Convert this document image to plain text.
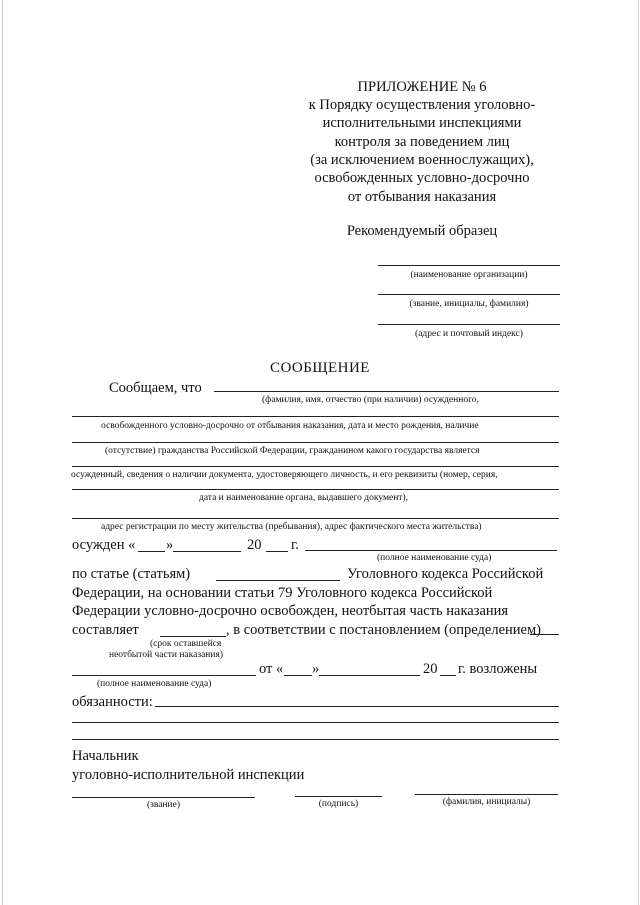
ПРИЛОЖЕНИЕ № 6
к Порядку осуществления уголовно-
исполнительными инспекциями
контроля за поведением лиц
(за исключением военнослужащих),
освобожденных условно-досрочно
от отбывания наказания
Рекомендуемый образец
(наименование организации)
(звание, инициалы, фамилия)
(адрес и почтовый индекс)
СООБЩЕНИЕ
Сообщаем, что
(фамилия, имя, отчество (при наличии) осужденного,
освобожденного условно-досрочно от отбывания наказания, дата и место рождения, наличие
(отсутствие) гражданства Российской Федерации, гражданином какого государства является
осужденный, сведения о наличии документа, удостоверяющего личность, и его реквизиты (номер, серия,
дата и наименование органа, выдавшего документ),
адрес регистрации по месту жительства (пребывания), адрес фактического места жительства)
осужден « »	20 г.
(полное наименование суда)
по статье (статьям)	Уголовного кодекса Российской
Федерации, на основании статьи 79 Уголовного кодекса Российской
Федерации условно-досрочно освобожден, неотбытая часть наказания
составляет	, в соответствии с постановлением (определением)
(срок оставшейся
неотбытой части наказания)
от « »	20 г. возложены
(полное наименование суда)
обязанности:
Начальник
уголовно-исполнительной инспекции
(звание)	(подпись)	(фамилия, инициалы)
